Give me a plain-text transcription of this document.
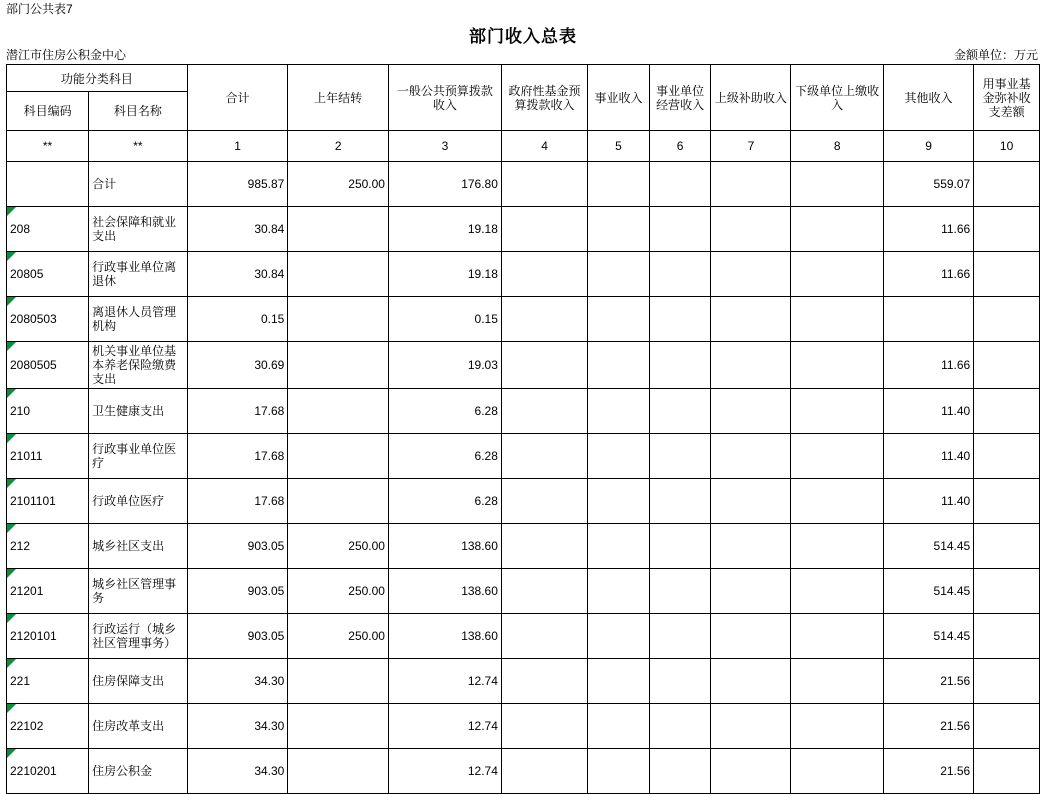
部门公共表7
部门收入总表
潜江市住房公积金中心	金额单位：万元
功能分类科目		合计	上年结转	一般公共预算拨款收入	政府性基金预算拨款收入	事业收入	事业单位经营收入	上级补助收入	下级单位上缴收入	其他收入	用事业基金弥补收支差额
科目编码	科目名称										
**	**	1	2	3	4	5	6	7	8	9	10
	合计	985.87	250.00	176.80						559.07	
208	社会保障和就业支出	30.84		19.18						11.66	
20805	行政事业单位离退休	30.84		19.18						11.66	
2080503	离退休人员管理机构	0.15		0.15							
2080505	机关事业单位基本养老保险缴费支出	30.69		19.03						11.66	
210	卫生健康支出	17.68		6.28						11.40	
21011	行政事业单位医疗	17.68		6.28						11.40	
2101101	行政单位医疗	17.68		6.28						11.40	
212	城乡社区支出	903.05	250.00	138.60						514.45	
21201	城乡社区管理事务	903.05	250.00	138.60						514.45	
2120101	行政运行（城乡社区管理事务）	903.05	250.00	138.60						514.45	
221	住房保障支出	34.30		12.74						21.56	
22102	住房改革支出	34.30		12.74						21.56	
2210201	住房公积金	34.30		12.74						21.56	
